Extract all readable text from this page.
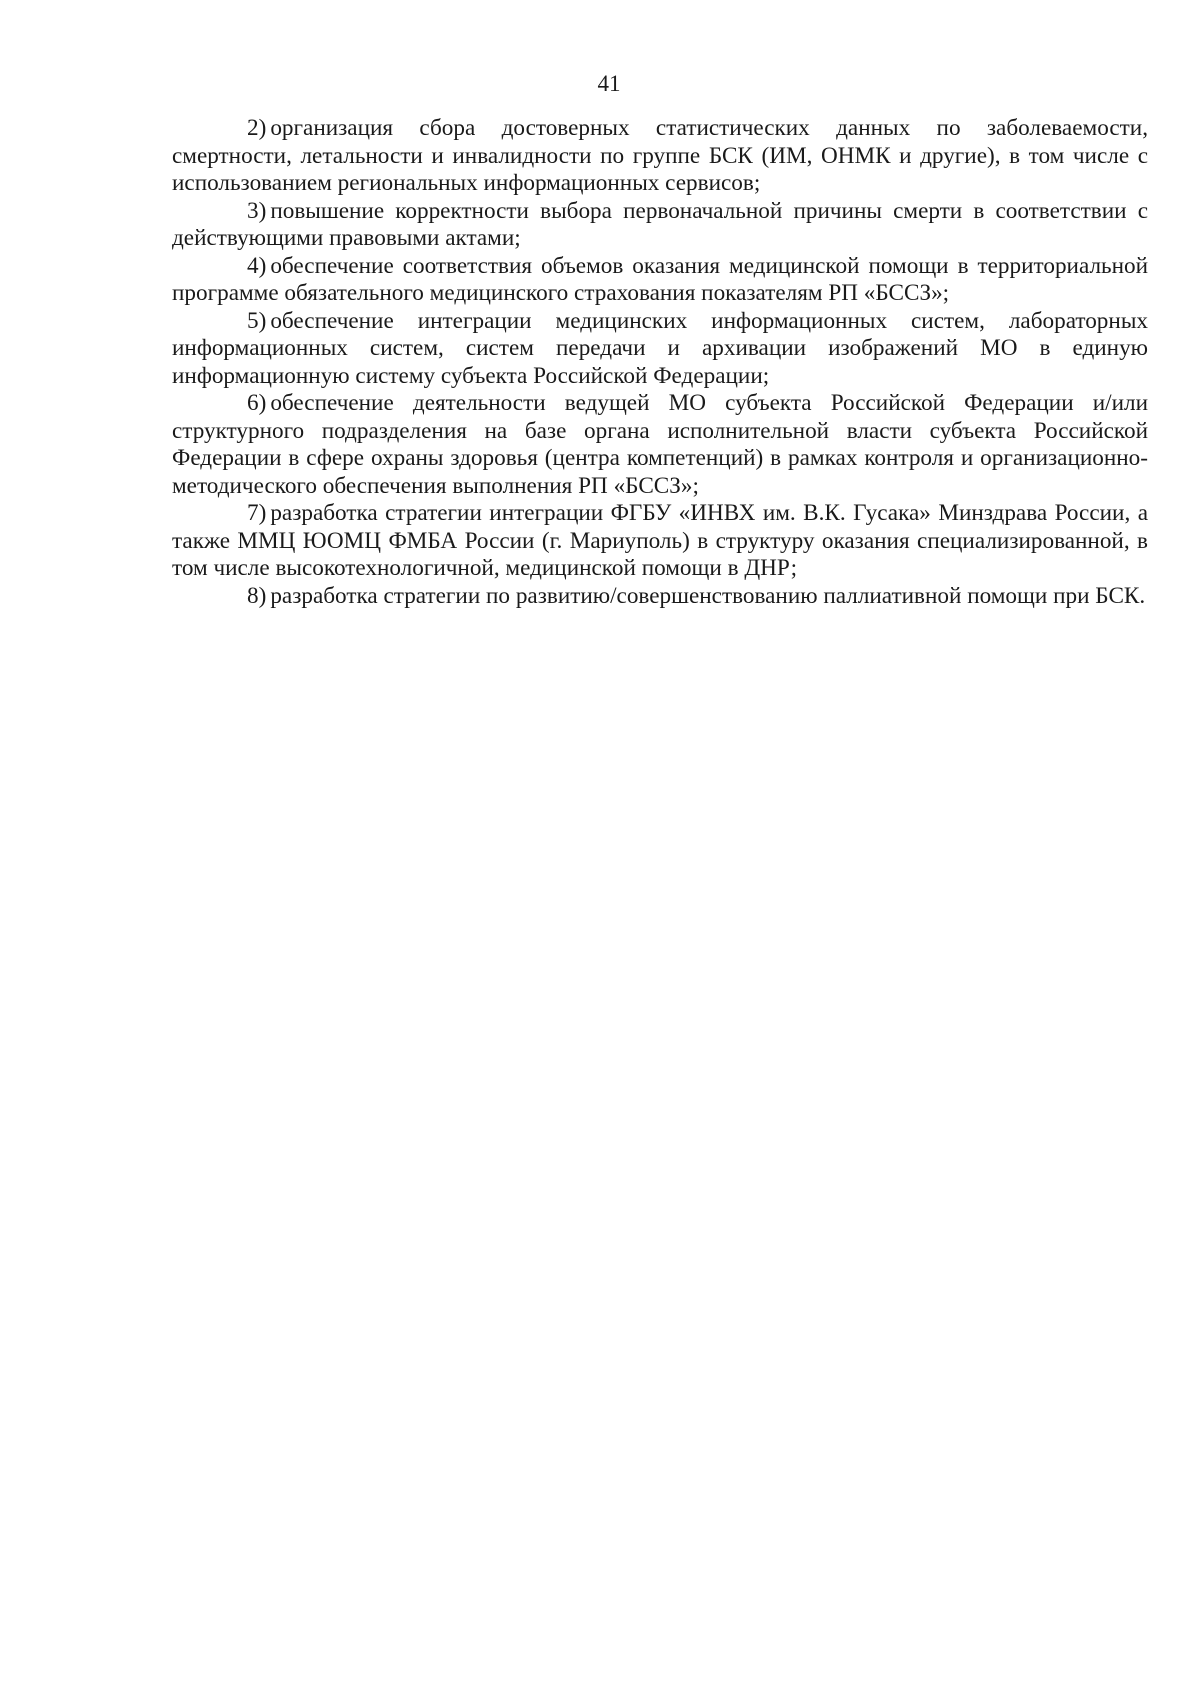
41

2) организация сбора достоверных статистических данных по заболеваемости, смертности, летальности и инвалидности по группе БСК (ИМ, ОНМК и другие), в том числе с использованием региональных информационных сервисов;

3) повышение корректности выбора первоначальной причины смерти в соответствии с действующими правовыми актами;

4) обеспечение соответствия объемов оказания медицинской помощи в территориальной программе обязательного медицинского страхования показателям РП «БССЗ»;

5) обеспечение интеграции медицинских информационных систем, лабораторных информационных систем, систем передачи и архивации изображений МО в единую информационную систему субъекта Российской Федерации;

6) обеспечение деятельности ведущей МО субъекта Российской Федерации и/или структурного подразделения на базе органа исполнительной власти субъекта Российской Федерации в сфере охраны здоровья (центра компетенций) в рамках контроля и организационно-методического обеспечения выполнения РП «БССЗ»;

7) разработка стратегии интеграции ФГБУ «ИНВХ им. В.К. Гусака» Минздрава России, а также ММЦ ЮОМЦ ФМБА России (г. Мариуполь) в структуру оказания специализированной, в том числе высокотехнологичной, медицинской помощи в ДНР;

8) разработка стратегии по развитию/совершенствованию паллиативной помощи при БСК.
